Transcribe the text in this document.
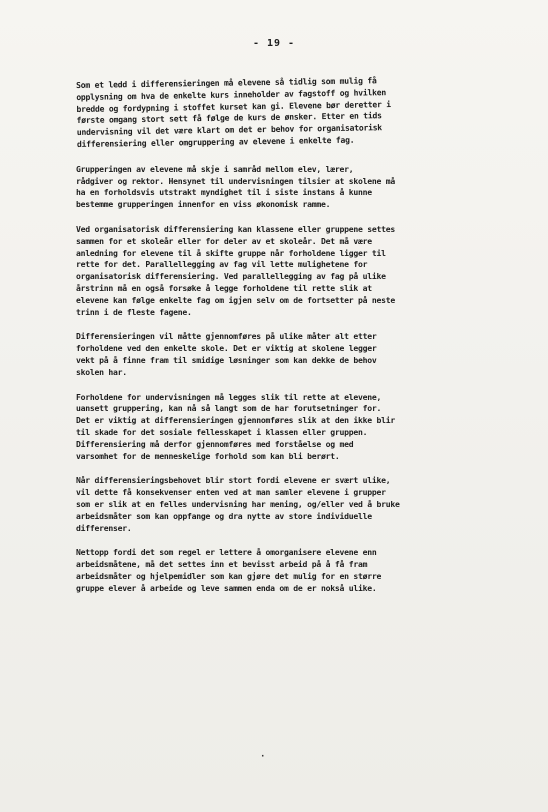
- 19 -

Som et ledd i differensieringen må elevene så tidlig som mulig få
opplysning om hva de enkelte kurs inneholder av fagstoff og hvilken
bredde og fordypning i stoffet kurset kan gi. Elevene bør deretter i
første omgang stort sett få følge de kurs de ønsker. Etter en tids
undervisning vil det være klart om det er behov for organisatorisk
differensiering eller omgruppering av elevene i enkelte fag.

Grupperingen av elevene må skje i samråd mellom elev, lærer,
rådgiver og rektor. Hensynet til undervisningen tilsier at skolene må
ha en forholdsvis utstrakt myndighet til i siste instans å kunne
bestemme grupperingen innenfor en viss økonomisk ramme.

Ved organisatorisk differensiering kan klassene eller gruppene settes
sammen for et skoleår eller for deler av et skoleår. Det må være
anledning for elevene til å skifte gruppe når forholdene ligger til
rette for det. Parallellegging av fag vil lette mulighetene for
organisatorisk differensiering. Ved parallellegging av fag på ulike
årstrinn må en også forsøke å legge forholdene til rette slik at
elevene kan følge enkelte fag om igjen selv om de fortsetter på neste
trinn i de fleste fagene.

Differensieringen vil måtte gjennomføres på ulike måter alt etter
forholdene ved den enkelte skole. Det er viktig at skolene legger
vekt på å finne fram til smidige løsninger som kan dekke de behov
skolen har.

Forholdene for undervisningen må legges slik til rette at elevene,
uansett gruppering, kan nå så langt som de har forutsetninger for.
Det er viktig at differensieringen gjennomføres slik at den ikke blir
til skade for det sosiale fellesskapet i klassen eller gruppen.
Differensiering må derfor gjennomføres med forståelse og med
varsomhet for de menneskelige forhold som kan bli berørt.

Når differensieringsbehovet blir stort fordi elevene er svært ulike,
vil dette få konsekvenser enten ved at man samler elevene i grupper
som er slik at en felles undervisning har mening, og/eller ved å bruke
arbeidsmåter som kan oppfange og dra nytte av store individuelle
differenser.

Nettopp fordi det som regel er lettere å omorganisere elevene enn
arbeidsmåtene, må det settes inn et bevisst arbeid på å få fram
arbeidsmåter og hjelpemidler som kan gjøre det mulig for en større
gruppe elever å arbeide og leve sammen enda om de er nokså ulike.

·
